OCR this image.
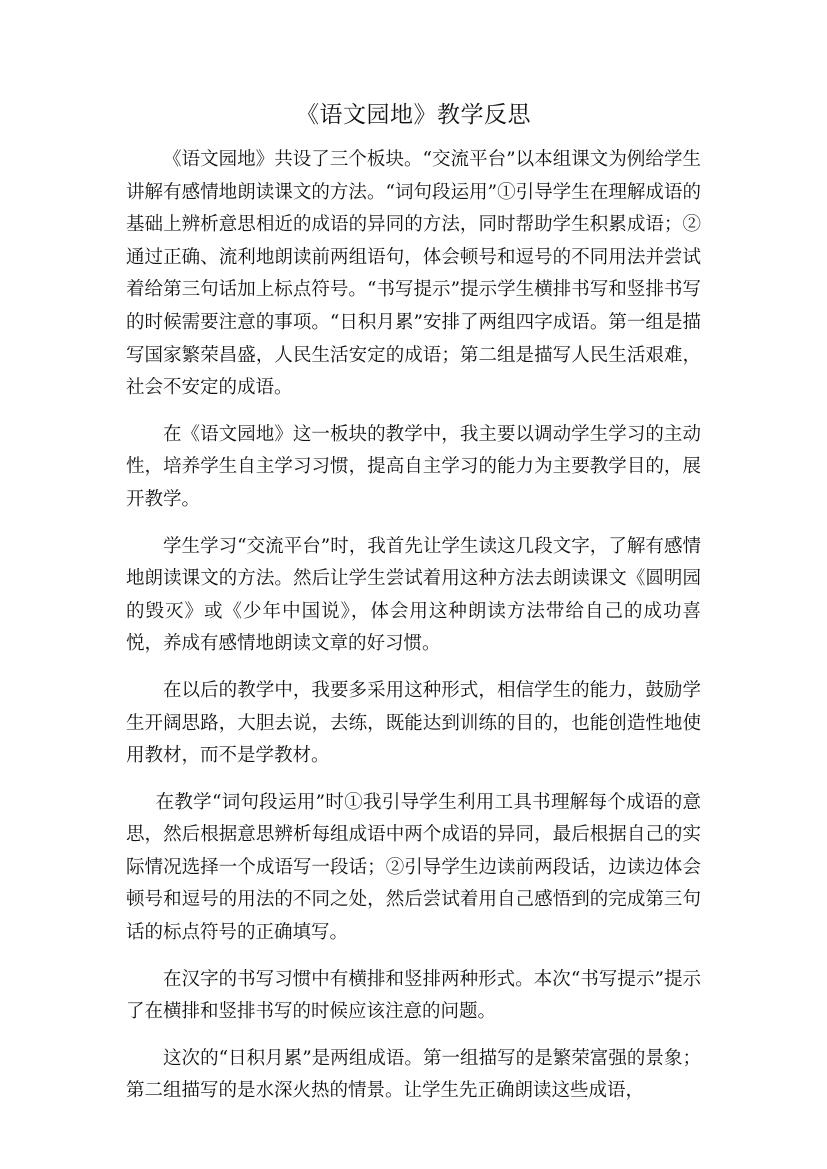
《语文园地》教学反思

《语文园地》共设了三个板块。“交流平台”以本组课文为例给学生讲解有感情地朗读课文的方法。“词句段运用”①引导学生在理解成语的基础上辨析意思相近的成语的异同的方法，同时帮助学生积累成语；②通过正确、流利地朗读前两组语句，体会顿号和逗号的不同用法并尝试着给第三句话加上标点符号。“书写提示”提示学生横排书写和竖排书写的时候需要注意的事项。“日积月累”安排了两组四字成语。第一组是描写国家繁荣昌盛，人民生活安定的成语；第二组是描写人民生活艰难，社会不安定的成语。

在《语文园地》这一板块的教学中，我主要以调动学生学习的主动性，培养学生自主学习习惯，提高自主学习的能力为主要教学目的，展开教学。

学生学习“交流平台”时，我首先让学生读这几段文字，了解有感情地朗读课文的方法。然后让学生尝试着用这种方法去朗读课文《圆明园的毁灭》或《少年中国说》，体会用这种朗读方法带给自己的成功喜悦，养成有感情地朗读文章的好习惯。

在以后的教学中，我要多采用这种形式，相信学生的能力，鼓励学生开阔思路，大胆去说，去练，既能达到训练的目的，也能创造性地使用教材，而不是学教材。

在教学“词句段运用”时①我引导学生利用工具书理解每个成语的意思，然后根据意思辨析每组成语中两个成语的异同，最后根据自己的实际情况选择一个成语写一段话；②引导学生边读前两段话，边读边体会顿号和逗号的用法的不同之处，然后尝试着用自己感悟到的完成第三句话的标点符号的正确填写。

在汉字的书写习惯中有横排和竖排两种形式。本次“书写提示”提示了在横排和竖排书写的时候应该注意的问题。

这次的“日积月累”是两组成语。第一组描写的是繁荣富强的景象；第二组描写的是水深火热的情景。让学生先正确朗读这些成语，
